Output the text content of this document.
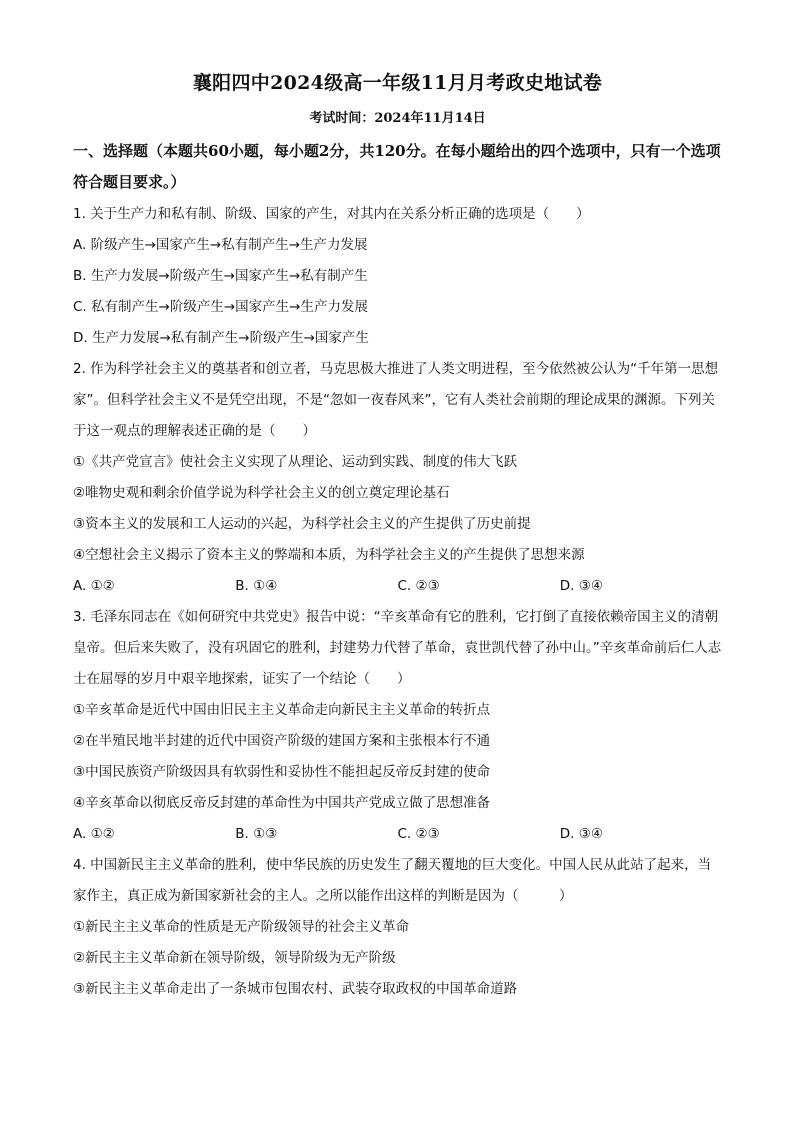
襄阳四中2024级高一年级11月月考政史地试卷
考试时间：2024年11月14日
一、选择题（本题共60小题，每小题2分，共120分。在每小题给出的四个选项中，只有一个选项符合题目要求。）
1. 关于生产力和私有制、阶级、国家的产生，对其内在关系分析正确的选项是（　　）
A. 阶级产生→国家产生→私有制产生→生产力发展
B. 生产力发展→阶级产生→国家产生→私有制产生
C. 私有制产生→阶级产生→国家产生→生产力发展
D. 生产力发展→私有制产生→阶级产生→国家产生
2. 作为科学社会主义的奠基者和创立者，马克思极大推进了人类文明进程，至今依然被公认为“千年第一思想家”。但科学社会主义不是凭空出现，不是“忽如一夜春风来”，它有人类社会前期的理论成果的渊源。下列关于这一观点的理解表述正确的是（　　）
①《共产党宣言》使社会主义实现了从理论、运动到实践、制度的伟大飞跃
②唯物史观和剩余价值学说为科学社会主义的创立奠定理论基石
③资本主义的发展和工人运动的兴起，为科学社会主义的产生提供了历史前提
④空想社会主义揭示了资本主义的弊端和本质，为科学社会主义的产生提供了思想来源
A. ①②	B. ①④	C. ②③	D. ③④
3. 毛泽东同志在《如何研究中共党史》报告中说：“辛亥革命有它的胜利，它打倒了直接依赖帝国主义的清朝皇帝。但后来失败了，没有巩固它的胜利，封建势力代替了革命，袁世凯代替了孙中山。”辛亥革命前后仁人志士在屈辱的岁月中艰辛地探索，证实了一个结论（　　）
①辛亥革命是近代中国由旧民主主义革命走向新民主主义革命的转折点
②在半殖民地半封建的近代中国资产阶级的建国方案和主张根本行不通
③中国民族资产阶级因具有软弱性和妥协性不能担起反帝反封建的使命
④辛亥革命以彻底反帝反封建的革命性为中国共产党成立做了思想准备
A. ①②	B. ①③	C. ②③	D. ③④
4. 中国新民主主义革命的胜利，使中华民族的历史发生了翻天覆地的巨大变化。中国人民从此站了起来，当家作主，真正成为新国家新社会的主人。之所以能作出这样的判断是因为（　　　）
①新民主主义革命的性质是无产阶级领导的社会主义革命
②新民主主义革命新在领导阶级，领导阶级为无产阶级
③新民主主义革命走出了一条城市包围农村、武装夺取政权的中国革命道路
